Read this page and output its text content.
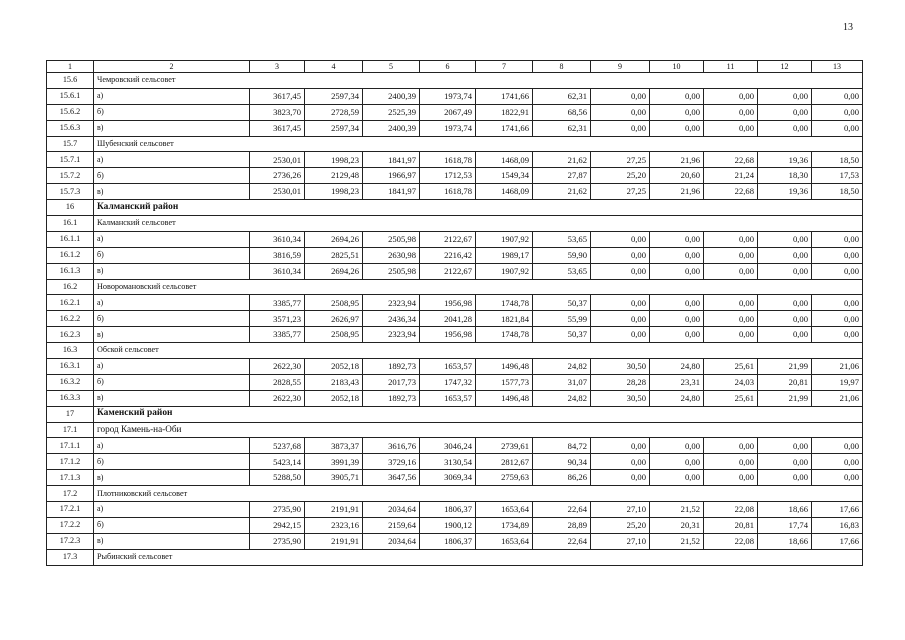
13
1	2	3	4	5	6	7	8	9	10	11	12	13
15.6	Чемровский сельсовет											
15.6.1	а)	3617,45	2597,34	2400,39	1973,74	1741,66	62,31	0,00	0,00	0,00	0,00	0,00
15.6.2	б)	3823,70	2728,59	2525,39	2067,49	1822,91	68,56	0,00	0,00	0,00	0,00	0,00
15.6.3	в)	3617,45	2597,34	2400,39	1973,74	1741,66	62,31	0,00	0,00	0,00	0,00	0,00
15.7	Шубенский сельсовет											
15.7.1	а)	2530,01	1998,23	1841,97	1618,78	1468,09	21,62	27,25	21,96	22,68	19,36	18,50
15.7.2	б)	2736,26	2129,48	1966,97	1712,53	1549,34	27,87	25,20	20,60	21,24	18,30	17,53
15.7.3	в)	2530,01	1998,23	1841,97	1618,78	1468,09	21,62	27,25	21,96	22,68	19,36	18,50
16	Калманский район											
16.1	Калманский сельсовет											
16.1.1	а)	3610,34	2694,26	2505,98	2122,67	1907,92	53,65	0,00	0,00	0,00	0,00	0,00
16.1.2	б)	3816,59	2825,51	2630,98	2216,42	1989,17	59,90	0,00	0,00	0,00	0,00	0,00
16.1.3	в)	3610,34	2694,26	2505,98	2122,67	1907,92	53,65	0,00	0,00	0,00	0,00	0,00
16.2	Новоромановский сельсовет											
16.2.1	а)	3385,77	2508,95	2323,94	1956,98	1748,78	50,37	0,00	0,00	0,00	0,00	0,00
16.2.2	б)	3571,23	2626,97	2436,34	2041,28	1821,84	55,99	0,00	0,00	0,00	0,00	0,00
16.2.3	в)	3385,77	2508,95	2323,94	1956,98	1748,78	50,37	0,00	0,00	0,00	0,00	0,00
16.3	Обской сельсовет											
16.3.1	а)	2622,30	2052,18	1892,73	1653,57	1496,48	24,82	30,50	24,80	25,61	21,99	21,06
16.3.2	б)	2828,55	2183,43	2017,73	1747,32	1577,73	31,07	28,28	23,31	24,03	20,81	19,97
16.3.3	в)	2622,30	2052,18	1892,73	1653,57	1496,48	24,82	30,50	24,80	25,61	21,99	21,06
17	Каменский район											
17.1	город Камень-на-Оби											
17.1.1	а)	5237,68	3873,37	3616,76	3046,24	2739,61	84,72	0,00	0,00	0,00	0,00	0,00
17.1.2	б)	5423,14	3991,39	3729,16	3130,54	2812,67	90,34	0,00	0,00	0,00	0,00	0,00
17.1.3	в)	5288,50	3905,71	3647,56	3069,34	2759,63	86,26	0,00	0,00	0,00	0,00	0,00
17.2	Плотниковский сельсовет											
17.2.1	а)	2735,90	2191,91	2034,64	1806,37	1653,64	22,64	27,10	21,52	22,08	18,66	17,66
17.2.2	б)	2942,15	2323,16	2159,64	1900,12	1734,89	28,89	25,20	20,31	20,81	17,74	16,83
17.2.3	в)	2735,90	2191,91	2034,64	1806,37	1653,64	22,64	27,10	21,52	22,08	18,66	17,66
17.3	Рыбинский сельсовет											
